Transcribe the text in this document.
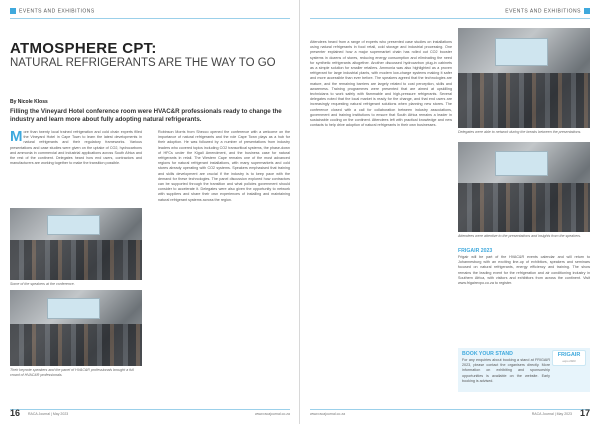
EVENTS AND EXHIBITIONS
ATMOSPHERE CPT:
NATURAL REFRIGERANTS ARE THE WAY TO GO
By Nicole Kloss
Filling the Vineyard Hotel conference room were HVAC&R professionals ready to change the industry and learn more about fully adopting natural refrigerants.
More than twenty local trained refrigeration and cold chain experts filled the Vineyard Hotel in Cape Town to learn the latest developments in natural refrigerants and their regulatory frameworks. Various presentations and case studies were given on the uptake of CO2, hydrocarbons and ammonia in commercial and industrial applications across South Africa and the rest of the continent. Delegates heard how end users, contractors and manufacturers are working together to make the transition possible.
Some of the speakers at the conference.
Their keynote speakers and the panel of HVAC&R professionals brought a full crowd of HVAC&R professionals.
Robinson Morris from Shecco opened the conference with a welcome on the importance of natural refrigerants and the role Cape Town plays as a hub for their adoption. He was followed by a number of presentations from industry leaders who covered topics including CO2 transcritical systems, the phase-down of HFCs under the Kigali Amendment, and the business case for natural refrigerants in retail. The Western Cape remains one of the most advanced regions for natural refrigerant installations, with many supermarkets and cold stores already operating with CO2 systems. Speakers emphasised that training and skills development are crucial if the industry is to keep pace with the demand for these technologies. The panel discussion explored how contractors can be supported through the transition and what policies government should consider to accelerate it. Delegates were also given the opportunity to network with suppliers and share their own experiences of installing and maintaining natural refrigerant systems across the region.
16 RACA Journal | May 2023	www.racajournal.co.za
EVENTS AND EXHIBITIONS
Attendees heard from a range of experts who presented case studies on installations using natural refrigerants in food retail, cold storage and industrial processing. One presenter explained how a major supermarket chain has rolled out CO2 booster systems in dozens of stores, reducing energy consumption and eliminating the need for synthetic refrigerants altogether. Another discussed hydrocarbon plug-in cabinets as a simple solution for smaller retailers. Ammonia was also highlighted as a proven refrigerant for large industrial plants, with modern low-charge systems making it safer and more accessible than ever before. The speakers agreed that the technologies are mature, and the remaining barriers are largely related to cost perception, skills and awareness. Training programmes were presented that are aimed at upskilling technicians to work safely with flammable and high-pressure refrigerants. Several delegates noted that the local market is ready for the change, and that end users are increasingly requesting natural refrigerant solutions when planning new stores. The conference closed with a call for collaboration between industry associations, government and training institutions to ensure that South Africa remains a leader in sustainable cooling on the continent. Attendees left with practical knowledge and new contacts to help drive adoption of natural refrigerants in their own businesses.
Delegates were able to network during the breaks between the presentations.
Attendees were attentive to the presentations and insights from the speakers.
FRIGAIR 2023
Frigair will be part of the HVAC&R events calendar and will return to Johannesburg with an exciting line-up of exhibitors, speakers and seminars focused on natural refrigerants, energy efficiency and training. The show remains the leading event for the refrigeration and air conditioning industry in Southern Africa, with visitors and exhibitors from across the continent. Visit www.frigairexpo.co.za to register.
FRIGAIR
expo 2023
BOOK YOUR STAND
For any enquiries about booking a stand at FRIGAIR 2023, please contact the organisers directly. More information on exhibiting and sponsorship opportunities is available on the website. Early booking is advised.
www.racajournal.co.za	RACA Journal | May 2023 17
